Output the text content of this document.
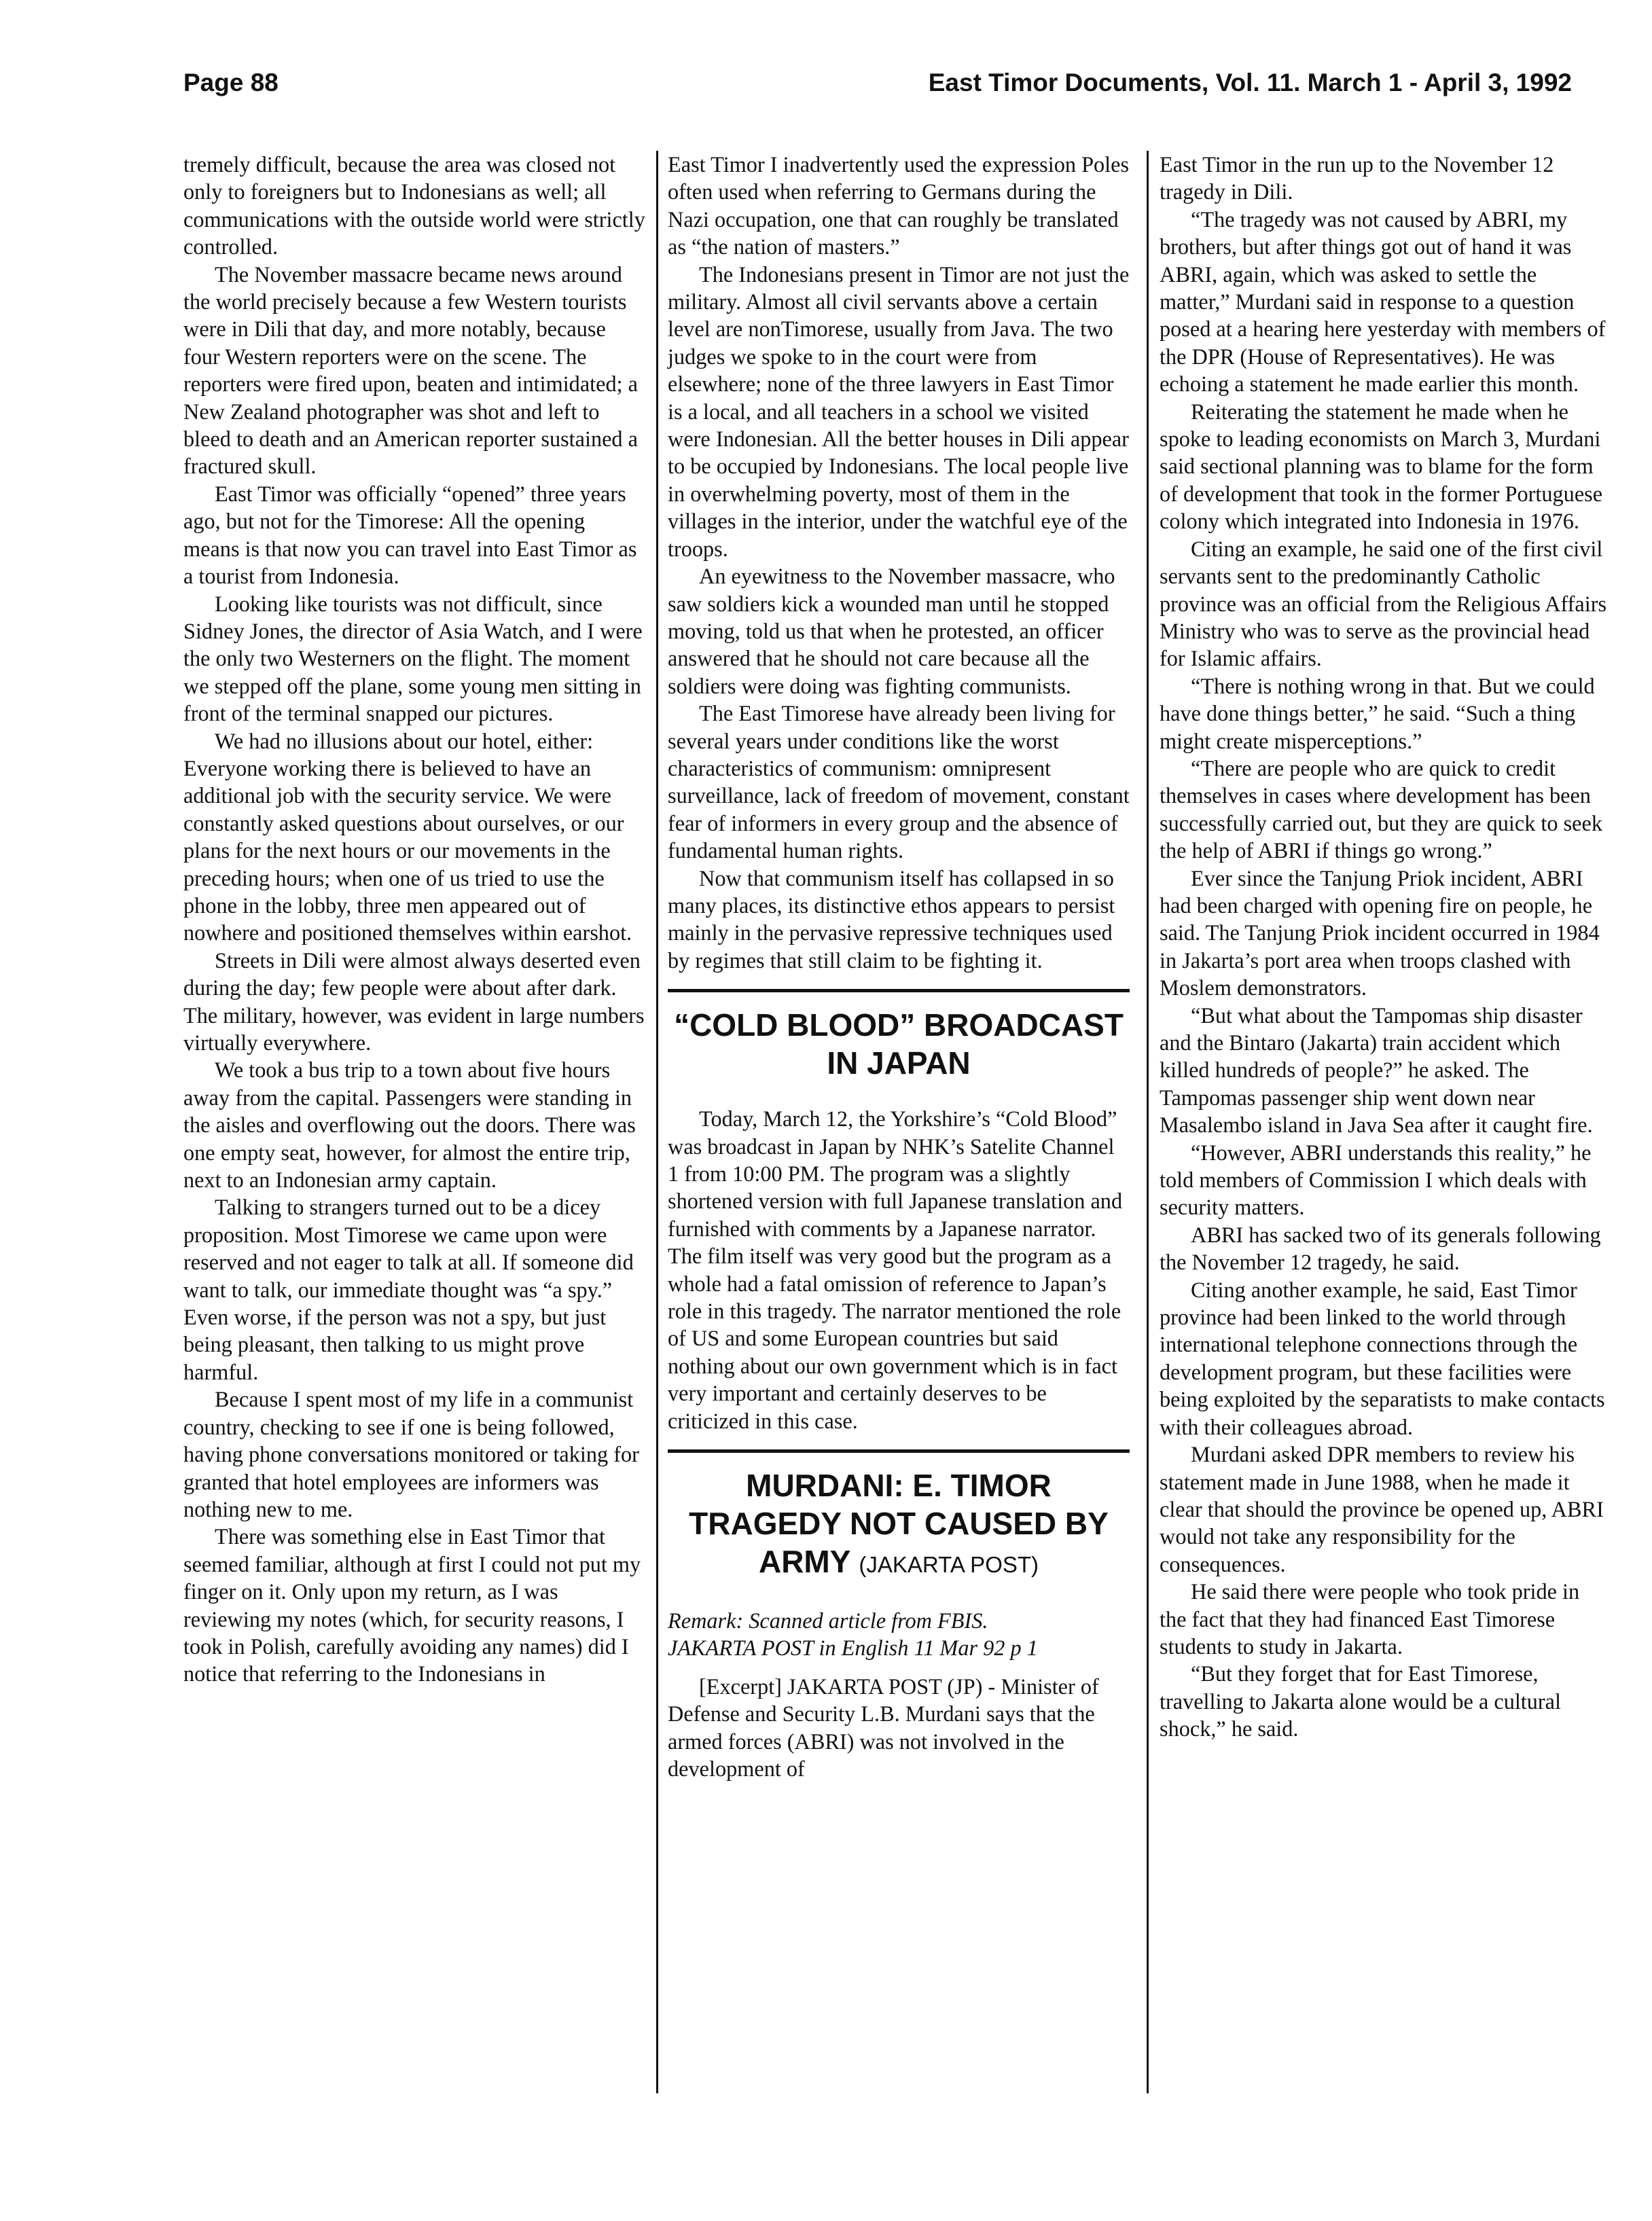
Page 88	East Timor Documents, Vol. 11. March 1 - April 3, 1992

tremely difficult, because the area was closed not only to foreigners but to Indonesians as well; all communications with the outside world were strictly controlled.

The November massacre became news around the world precisely because a few Western tourists were in Dili that day, and more notably, because four Western reporters were on the scene. The reporters were fired upon, beaten and intimidated; a New Zealand photographer was shot and left to bleed to death and an American reporter sustained a fractured skull.

East Timor was officially “opened” three years ago, but not for the Timorese: All the opening means is that now you can travel into East Timor as a tourist from Indonesia.

Looking like tourists was not difficult, since Sidney Jones, the director of Asia Watch, and I were the only two Westerners on the flight. The moment we stepped off the plane, some young men sitting in front of the terminal snapped our pictures.

We had no illusions about our hotel, either: Everyone working there is believed to have an additional job with the security service. We were constantly asked questions about ourselves, or our plans for the next hours or our movements in the preceding hours; when one of us tried to use the phone in the lobby, three men appeared out of nowhere and positioned themselves within earshot.

Streets in Dili were almost always deserted even during the day; few people were about after dark. The military, however, was evident in large numbers virtually everywhere.

We took a bus trip to a town about five hours away from the capital. Passengers were standing in the aisles and overflowing out the doors. There was one empty seat, however, for almost the entire trip, next to an Indonesian army captain.

Talking to strangers turned out to be a dicey proposition. Most Timorese we came upon were reserved and not eager to talk at all. If someone did want to talk, our immediate thought was “a spy.” Even worse, if the person was not a spy, but just being pleasant, then talking to us might prove harmful.

Because I spent most of my life in a communist country, checking to see if one is being followed, having phone conversations monitored or taking for granted that hotel employees are informers was nothing new to me.

There was something else in East Timor that seemed familiar, although at first I could not put my finger on it. Only upon my return, as I was reviewing my notes (which, for security reasons, I took in Polish, carefully avoiding any names) did I notice that referring to the Indonesians in

East Timor I inadvertently used the expression Poles often used when referring to Germans during the Nazi occupation, one that can roughly be translated as “the nation of masters.”

The Indonesians present in Timor are not just the military. Almost all civil servants above a certain level are nonTimorese, usually from Java. The two judges we spoke to in the court were from elsewhere; none of the three lawyers in East Timor is a local, and all teachers in a school we visited were Indonesian. All the better houses in Dili appear to be occupied by Indonesians. The local people live in overwhelming poverty, most of them in the villages in the interior, under the watchful eye of the troops.

An eyewitness to the November massacre, who saw soldiers kick a wounded man until he stopped moving, told us that when he protested, an officer answered that he should not care because all the soldiers were doing was fighting communists.

The East Timorese have already been living for several years under conditions like the worst characteristics of communism: omnipresent surveillance, lack of freedom of movement, constant fear of informers in every group and the absence of fundamental human rights.

Now that communism itself has collapsed in so many places, its distinctive ethos appears to persist mainly in the pervasive repressive techniques used by regimes that still claim to be fighting it.

“COLD BLOOD” BROADCAST IN JAPAN

Today, March 12, the Yorkshire’s “Cold Blood” was broadcast in Japan by NHK’s Satelite Channel 1 from 10:00 PM. The program was a slightly shortened version with full Japanese translation and furnished with comments by a Japanese narrator. The film itself was very good but the program as a whole had a fatal omission of reference to Japan’s role in this tragedy. The narrator mentioned the role of US and some European countries but said nothing about our own government which is in fact very important and certainly deserves to be criticized in this case.

MURDANI: E. TIMOR TRAGEDY NOT CAUSED BY ARMY (JAKARTA POST)
Remark: Scanned article from FBIS.
JAKARTA POST in English 11 Mar 92 p 1

[Excerpt] JAKARTA POST (JP) - Minister of Defense and Security L.B. Murdani says that the armed forces (ABRI) was not involved in the development of

East Timor in the run up to the November 12 tragedy in Dili.

“The tragedy was not caused by ABRI, my brothers, but after things got out of hand it was ABRI, again, which was asked to settle the matter,” Murdani said in response to a question posed at a hearing here yesterday with members of the DPR (House of Representatives). He was echoing a statement he made earlier this month.

Reiterating the statement he made when he spoke to leading economists on March 3, Murdani said sectional planning was to blame for the form of development that took in the former Portuguese colony which integrated into Indonesia in 1976.

Citing an example, he said one of the first civil servants sent to the predominantly Catholic province was an official from the Religious Affairs Ministry who was to serve as the provincial head for Islamic affairs.

“There is nothing wrong in that. But we could have done things better,” he said. “Such a thing might create misperceptions.”

“There are people who are quick to credit themselves in cases where development has been successfully carried out, but they are quick to seek the help of ABRI if things go wrong.”

Ever since the Tanjung Priok incident, ABRI had been charged with opening fire on people, he said. The Tanjung Priok incident occurred in 1984 in Jakarta’s port area when troops clashed with Moslem demonstrators.

“But what about the Tampomas ship disaster and the Bintaro (Jakarta) train accident which killed hundreds of people?” he asked. The Tampomas passenger ship went down near Masalembo island in Java Sea after it caught fire.

“However, ABRI understands this reality,” he told members of Commission I which deals with security matters.

ABRI has sacked two of its generals following the November 12 tragedy, he said.

Citing another example, he said, East Timor province had been linked to the world through international telephone connections through the development program, but these facilities were being exploited by the separatists to make contacts with their colleagues abroad.

Murdani asked DPR members to review his statement made in June 1988, when he made it clear that should the province be opened up, ABRI would not take any responsibility for the consequences.

He said there were people who took pride in the fact that they had financed East Timorese students to study in Jakarta.

“But they forget that for East Timorese, travelling to Jakarta alone would be a cultural shock,” he said.
